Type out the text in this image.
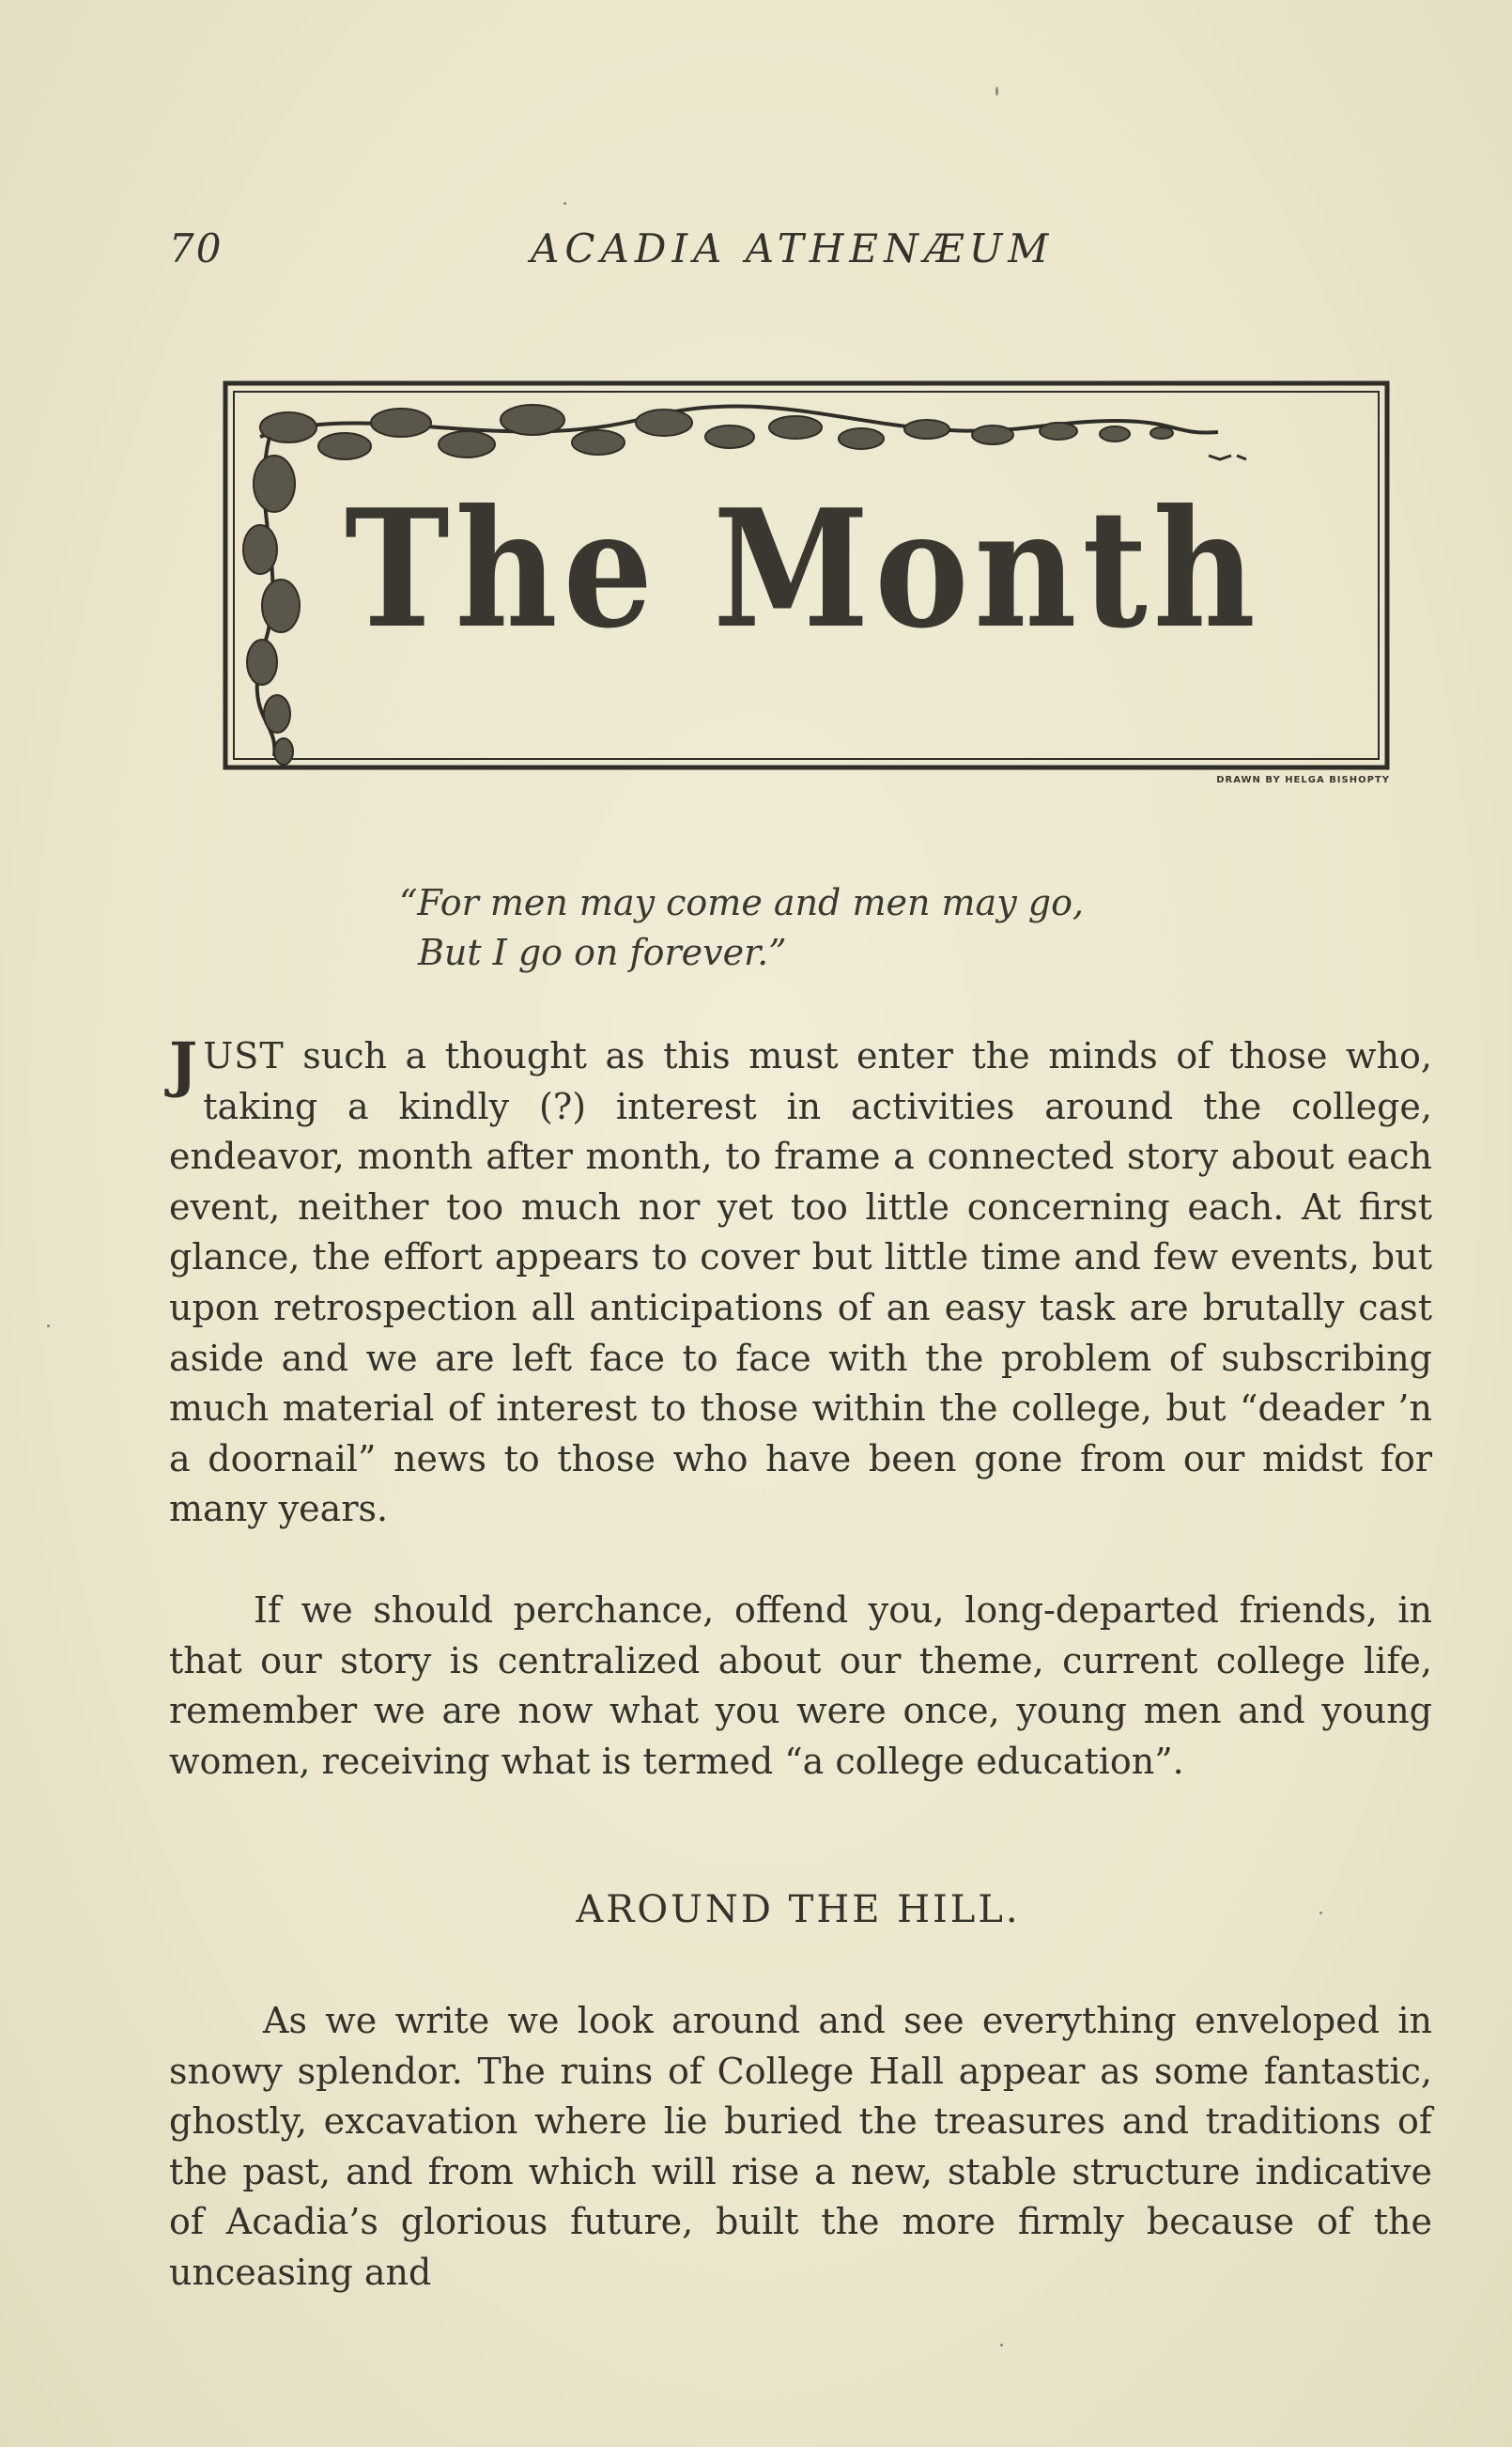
70	ACADIA ATHENÆUM
The Month
DRAWN BY HELGA BISHOPTY
“For men may come and men may go,
But I go on forever.”
JUST such a thought as this must enter the minds of those who, taking a kindly (?) interest in activities around the college, endeavor, month after month, to frame a connected story about each event, neither too much nor yet too little concerning each. At first glance, the effort appears to cover but little time and few events, but upon retrospection all anticipations of an easy task are brutally cast aside and we are left face to face with the problem of subscribing much material of interest to those within the college, but “deader ’n a doornail” news to those who have been gone from our midst for many years.
If we should perchance, offend you, long-departed friends, in that our story is centralized about our theme, current college life, remember we are now what you were once, young men and young women, receiving what is termed “a college education”.
AROUND THE HILL.
As we write we look around and see everything enveloped in snowy splendor. The ruins of College Hall appear as some fantastic, ghostly, excavation where lie buried the treasures and traditions of the past, and from which will rise a new, stable structure indicative of Acadia’s glorious future, built the more firmly because of the unceasing and
